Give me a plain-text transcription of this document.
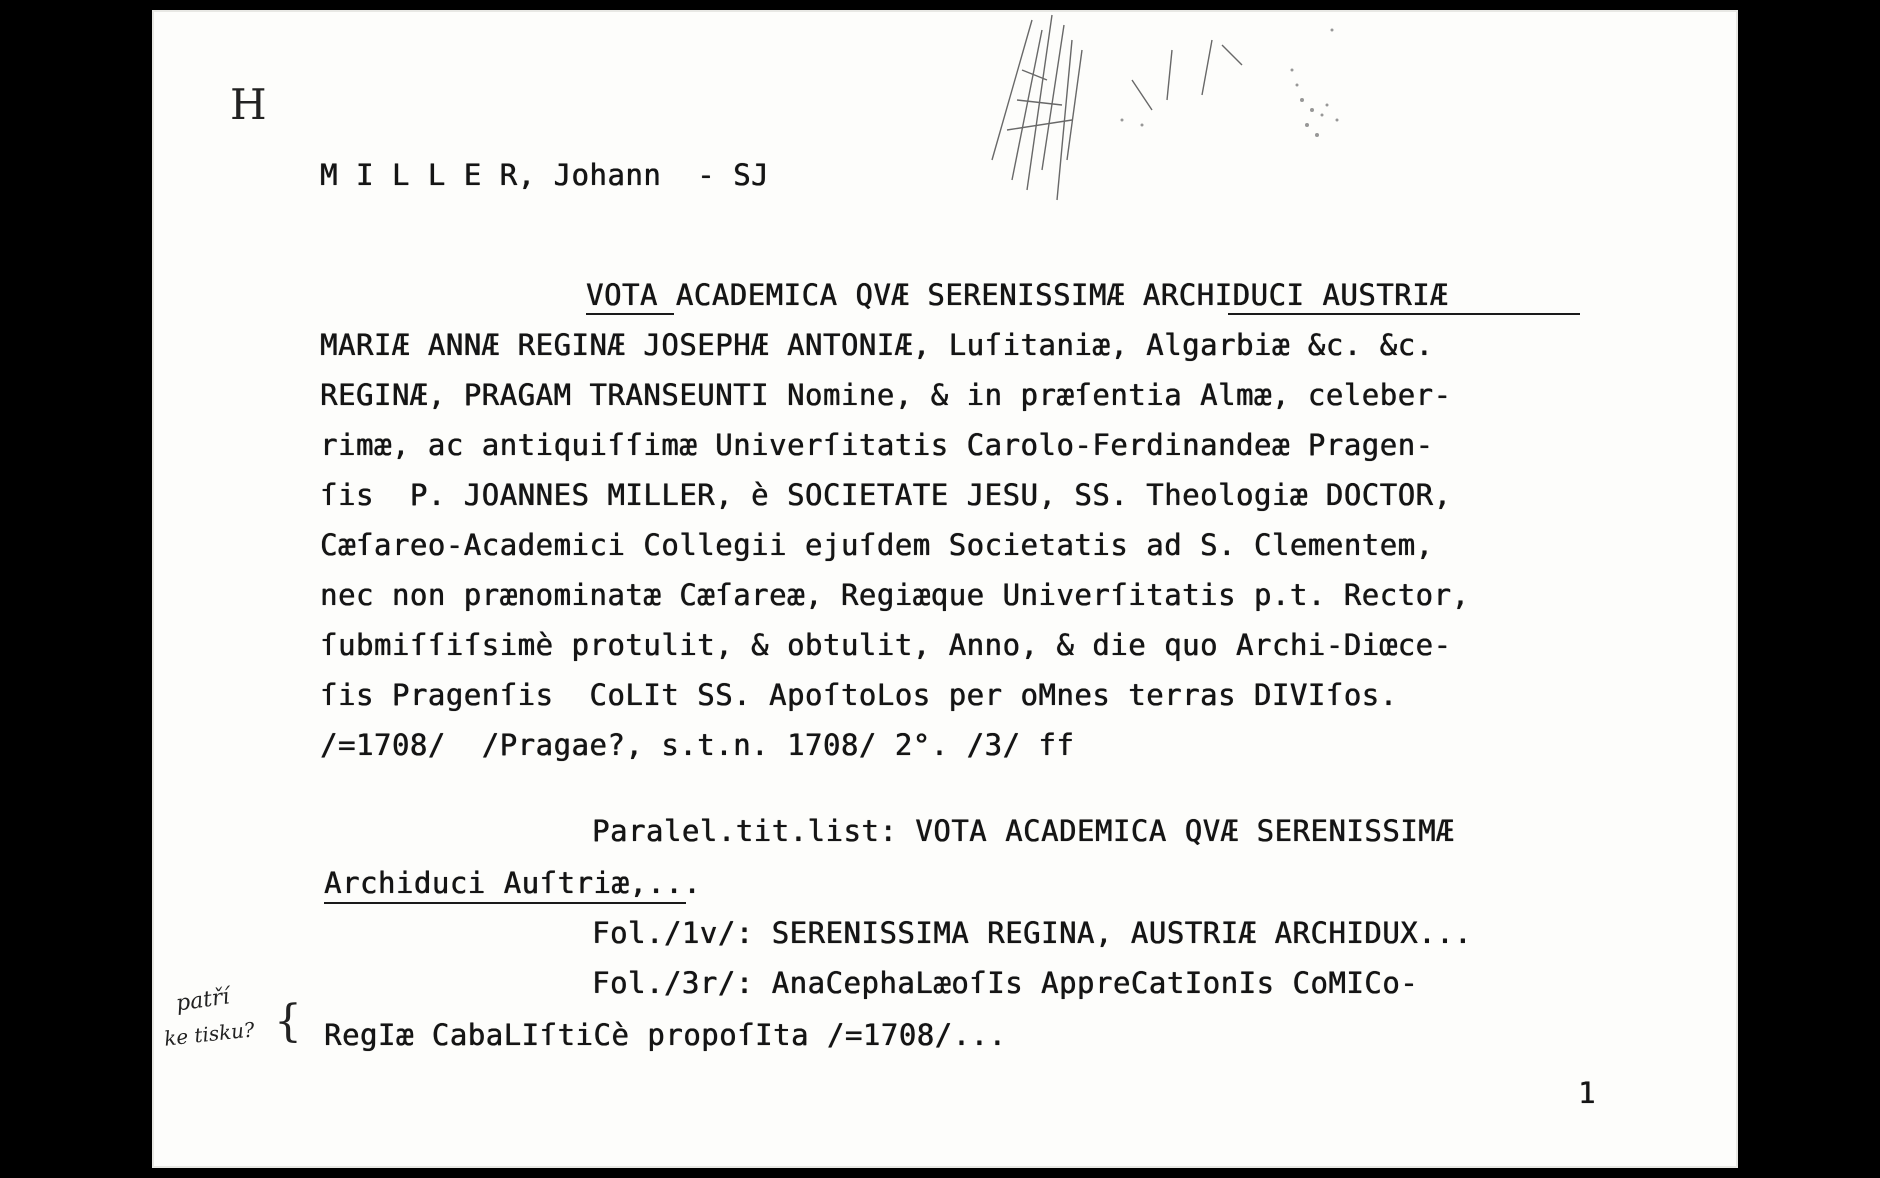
H
M I L L E R, Johann  - SJ
VOTA ACADEMICA QVÆ SERENISSIMÆ ARCHIDUCI AUSTRIÆ
MARIÆ ANNÆ REGINÆ JOSEPHÆ ANTONIÆ, Luſitaniæ, Algarbiæ &c. &c.
REGINÆ, PRAGAM TRANSEUNTI Nomine, & in præſentia Almæ, celeber-
rimæ, ac antiquiſſimæ Univerſitatis Carolo-Ferdinandeæ Pragen-
ſis  P. JOANNES MILLER, è SOCIETATE JESU, SS. Theologiæ DOCTOR,
Cæſareo-Academici Collegii ejuſdem Societatis ad S. Clementem,
nec non prænominatæ Cæſareæ, Regiæque Univerſitatis p.t. Rector,
ſubmiſſiſsimè protulit, & obtulit, Anno, & die quo Archi-Diœce-
ſis Pragenſis  CoLIt SS. ApoſtoLos per oMnes terras DIVIſos.
/=1708/  /Pragae?, s.t.n. 1708/ 2°. /3/ ff
Paralel.tit.list: VOTA ACADEMICA QVÆ SERENISSIMÆ
Archiduci Auſtriæ,...
Fol./1v/: SERENISSIMA REGINA, AUSTRIÆ ARCHIDUX...
Fol./3r/: AnaCephaLæoſIs AppreCatIonIs CoMICo-
RegIæ CabaLIſtiCè propoſIta /=1708/...
patří
ke tisku? {
1
